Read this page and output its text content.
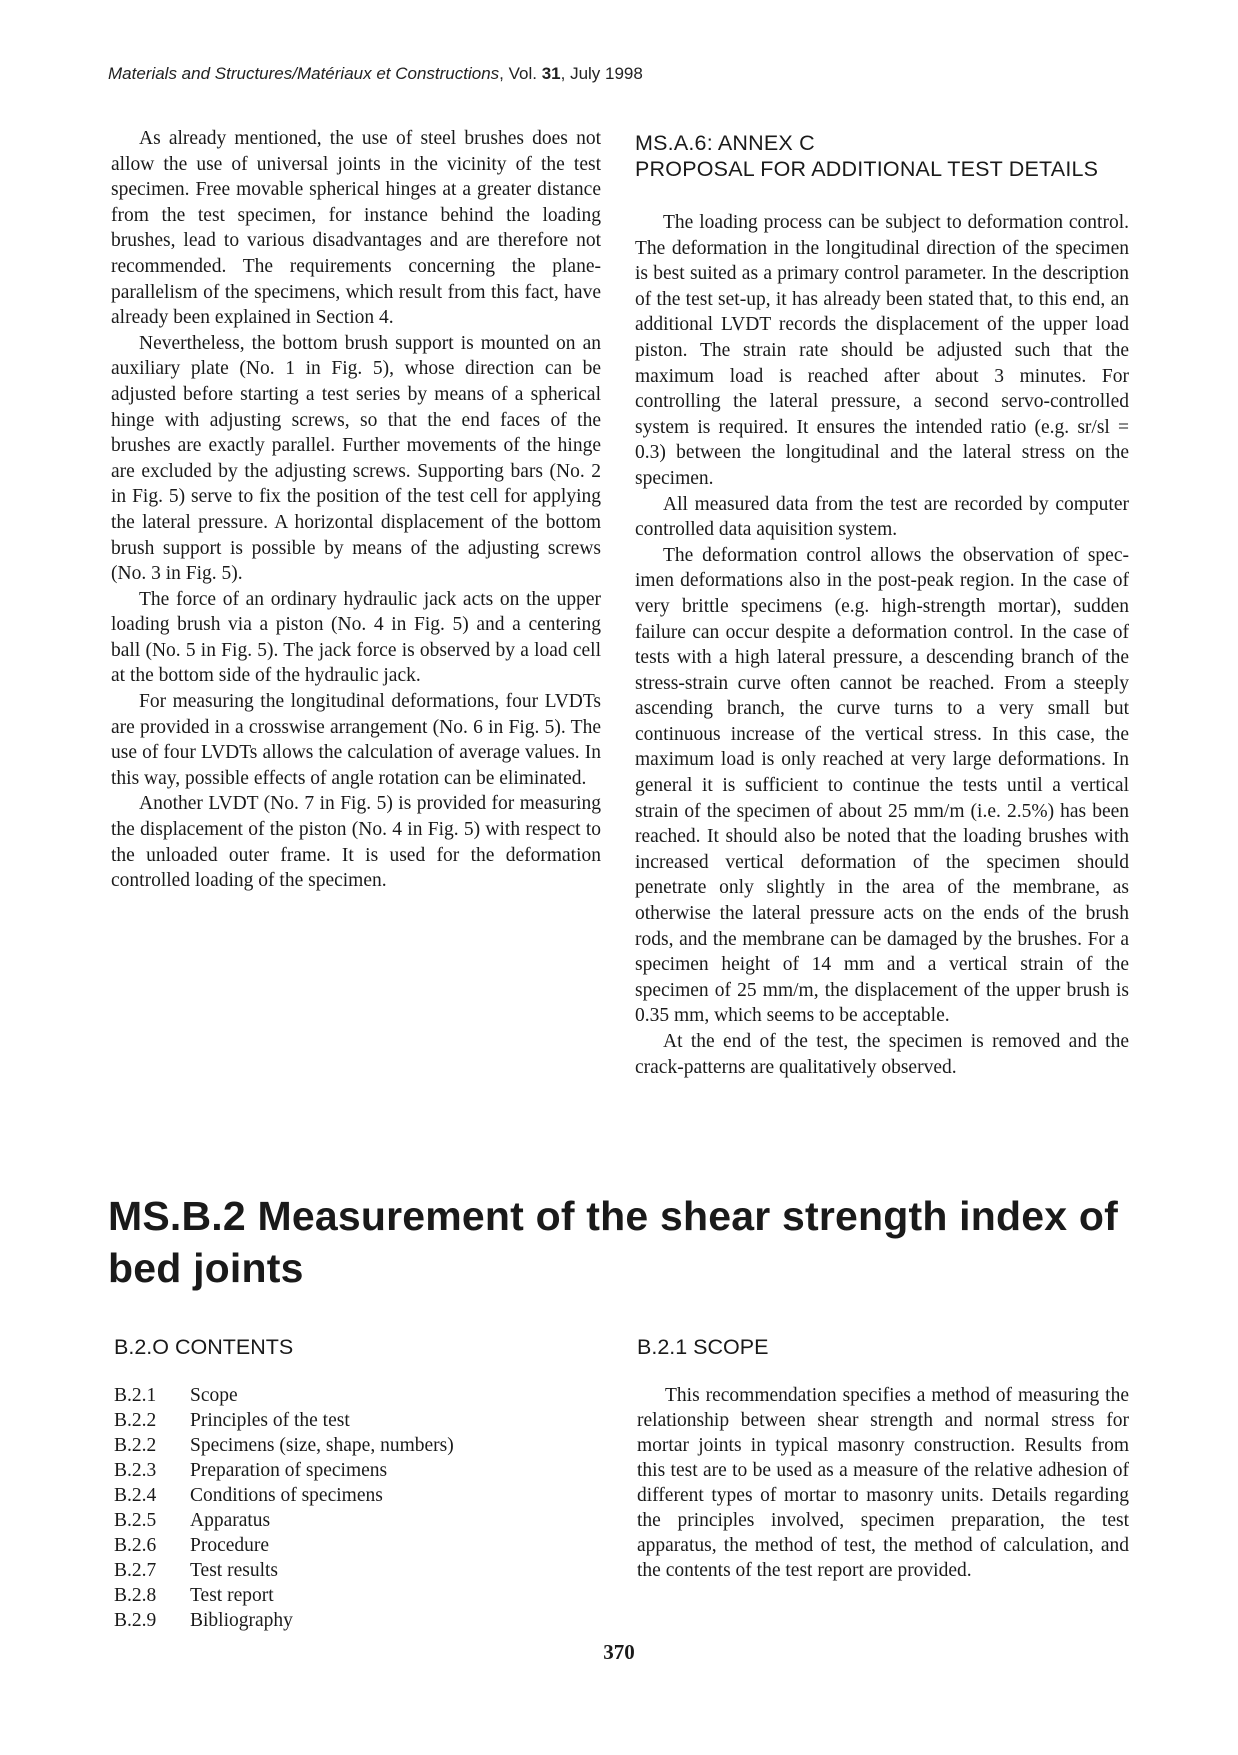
Materials and Structures/Matériaux et Constructions, Vol. 31, July 1998

As already mentioned, the use of steel brushes does not allow the use of universal joints in the vicinity of the test specimen. Free movable spherical hinges at a greater distance from the test specimen, for instance behind the loading brushes, lead to various disadvantages and are therefore not recommended. The requirements concerning the plane-parallelism of the specimens, which result from this fact, have already been explained in Section 4.

Nevertheless, the bottom brush support is mounted on an auxiliary plate (No. 1 in Fig. 5), whose direction can be adjusted before starting a test series by means of a spherical hinge with adjusting screws, so that the end faces of the brushes are exactly parallel. Further movements of the hinge are excluded by the adjusting screws. Supporting bars (No. 2 in Fig. 5) serve to fix the position of the test cell for applying the lateral pressure. A horizontal displacement of the bottom brush support is possible by means of the adjusting screws (No. 3 in Fig. 5).

The force of an ordinary hydraulic jack acts on the upper loading brush via a piston (No. 4 in Fig. 5) and a centering ball (No. 5 in Fig. 5). The jack force is observed by a load cell at the bottom side of the hydraulic jack.

For measuring the longitudinal deformations, four LVDTs are provided in a crosswise arrangement (No. 6 in Fig. 5). The use of four LVDTs allows the calculation of average values. In this way, possible effects of angle rotation can be eliminated.

Another LVDT (No. 7 in Fig. 5) is provided for measuring the displacement of the piston (No. 4 in Fig. 5) with respect to the unloaded outer frame. It is used for the deformation controlled loading of the specimen.

MS.A.6: ANNEX C
PROPOSAL FOR ADDITIONAL TEST DETAILS

The loading process can be subject to deformation control. The deformation in the longitudinal direction of the specimen is best suited as a primary control parameter. In the description of the test set-up, it has already been stated that, to this end, an additional LVDT records the displacement of the upper load piston. The strain rate should be adjusted such that the maximum load is reached after about 3 minutes. For controlling the lateral pressure, a second servo-controlled system is required. It ensures the intended ratio (e.g. sr/sl = 0.3) between the longitudinal and the lateral stress on the specimen.

All measured data from the test are recorded by computer controlled data aquisition system.

The deformation control allows the observation of specimen deformations also in the post-peak region. In the case of very brittle specimens (e.g. high-strength mortar), sudden failure can occur despite a deformation control. In the case of tests with a high lateral pressure, a descending branch of the stress-strain curve often cannot be reached. From a steeply ascending branch, the curve turns to a very small but continuous increase of the vertical stress. In this case, the maximum load is only reached at very large deformations. In general it is sufficient to continue the tests until a vertical strain of the specimen of about 25 mm/m (i.e. 2.5%) has been reached. It should also be noted that the loading brushes with increased vertical deformation of the specimen should penetrate only slightly in the area of the membrane, as otherwise the lateral pressure acts on the ends of the brush rods, and the membrane can be damaged by the brushes. For a specimen height of 14 mm and a vertical strain of the specimen of 25 mm/m, the displacement of the upper brush is 0.35 mm, which seems to be acceptable.

At the end of the test, the specimen is removed and the crack-patterns are qualitatively observed.

MS.B.2 Measurement of the shear strength index of bed joints
B.2.O CONTENTS	B.2.1 SCOPE
B.2.1	Scope
B.2.2	Principles of the test
B.2.2	Specimens (size, shape, numbers)
B.2.3	Preparation of specimens
B.2.4	Conditions of specimens
B.2.5	Apparatus
B.2.6	Procedure
B.2.7	Test results
B.2.8	Test report
B.2.9	Bibliography

This recommendation specifies a method of measuring the relationship between shear strength and normal stress for mortar joints in typical masonry construction. Results from this test are to be used as a measure of the relative adhesion of different types of mortar to masonry units. Details regarding the principles involved, specimen preparation, the test apparatus, the method of test, the method of calculation, and the contents of the test report are provided.

370
